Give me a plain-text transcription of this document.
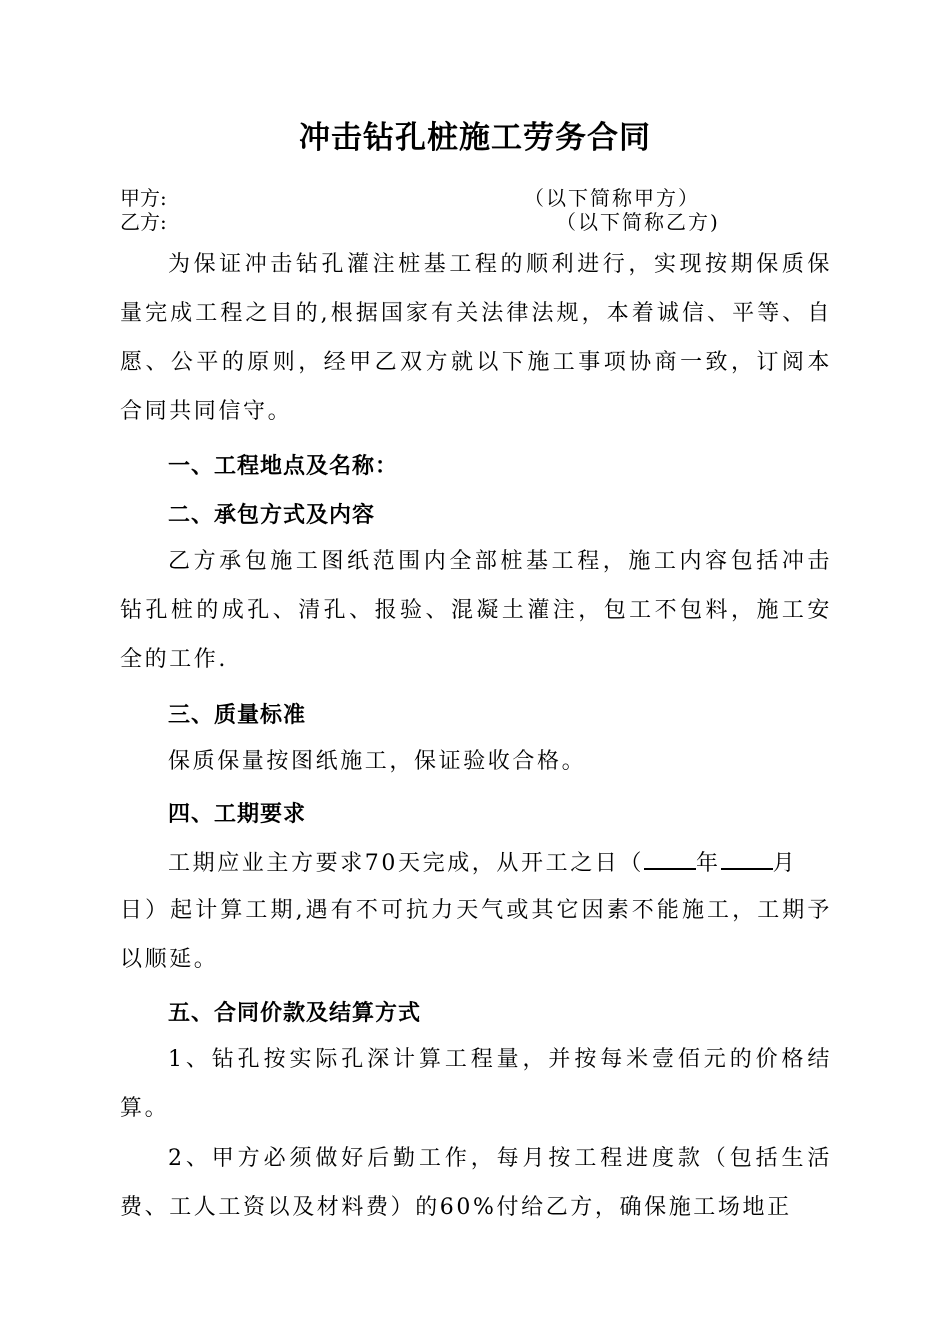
冲击钻孔桩施工劳务合同
甲方:	（以下简称甲方）
乙方:	（以下简称乙方)

为保证冲击钻孔灌注桩基工程的顺利进行，实现按期保质保量完成工程之目的,根据国家有关法律法规，本着诚信、平等、自愿、公平的原则，经甲乙双方就以下施工事项协商一致，订阅本合同共同信守。

一、工程地点及名称：
二、承包方式及内容

乙方承包施工图纸范围内全部桩基工程，施工内容包括冲击钻孔桩的成孔、清孔、报验、混凝土灌注，包工不包料，施工安全的工作.

三、质量标准

保质保量按图纸施工，保证验收合格。

四、工期要求
工期应业主方要求70天完成，从开工之日（ 年 月

日）起计算工期,遇有不可抗力天气或其它因素不能施工，工期予以顺延。

五、合同价款及结算方式

1、钻孔按实际孔深计算工程量，并按每米壹佰元的价格结算。

2、甲方必须做好后勤工作，每月按工程进度款（包括生活费、工人工资以及材料费）的60%付给乙方，确保施工场地正
